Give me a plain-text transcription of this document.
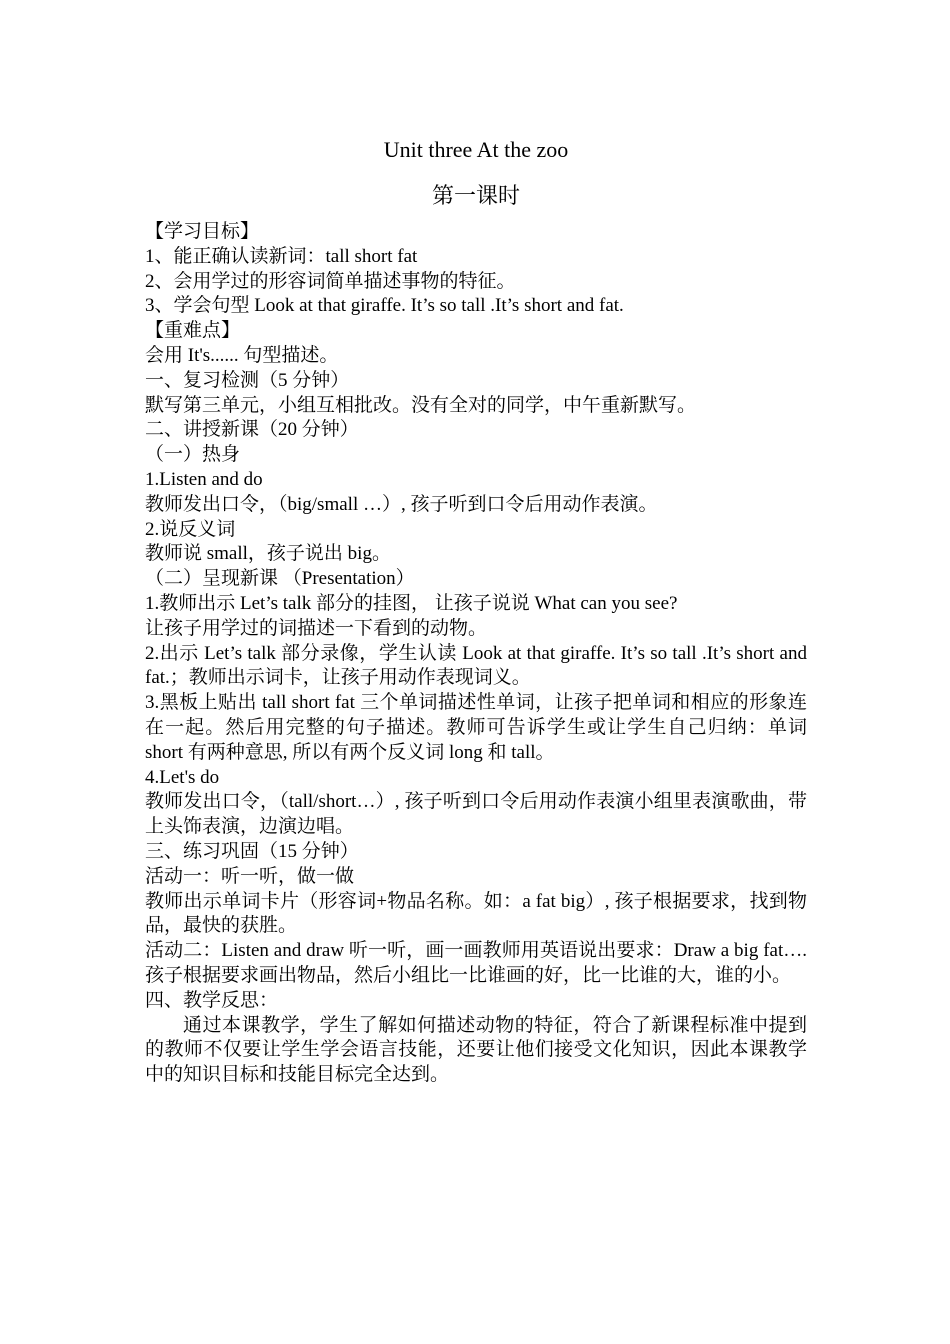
Unit three At the zoo
第一课时

【学习目标】

1、能正确认读新词：tall short fat

2、会用学过的形容词简单描述事物的特征。

3、学会句型 Look at that giraffe. It’s so tall .It’s short and fat.

【重难点】

会用 It's...... 句型描述。

一、复习检测（5 分钟）

默写第三单元，小组互相批改。没有全对的同学，中午重新默写。

二、讲授新课（20 分钟）

（一）热身

1.Listen and do

教师发出口令，（big/small …）, 孩子听到口令后用动作表演。

2.说反义词

教师说 small，孩子说出 big。

（二）呈现新课 （Presentation）

1.教师出示 Let’s talk 部分的挂图， 让孩子说说 What can you see?

让孩子用学过的词描述一下看到的动物。

2.出示 Let’s talk 部分录像，学生认读 Look at that giraffe. It’s so tall .It’s short and fat.；教师出示词卡，让孩子用动作表现词义。

3.黑板上贴出 tall short fat 三个单词描述性单词，让孩子把单词和相应的形象连在一起。然后用完整的句子描述。教师可告诉学生或让学生自己归纳：单词 short 有两种意思, 所以有两个反义词 long 和 tall。

4.Let's do

教师发出口令，（tall/short…）, 孩子听到口令后用动作表演小组里表演歌曲，带上头饰表演，边演边唱。

三、练习巩固（15 分钟）

活动一：听一听，做一做

教师出示单词卡片（形容词+物品名称。如：a fat big）, 孩子根据要求，找到物品，最快的获胜。

活动二：Listen and draw 听一听，画一画教师用英语说出要求：Draw a big fat….孩子根据要求画出物品，然后小组比一比谁画的好，比一比谁的大，谁的小。

四、教学反思：

通过本课教学，学生了解如何描述动物的特征，符合了新课程标准中提到的教师不仅要让学生学会语言技能，还要让他们接受文化知识，因此本课教学中的知识目标和技能目标完全达到。
